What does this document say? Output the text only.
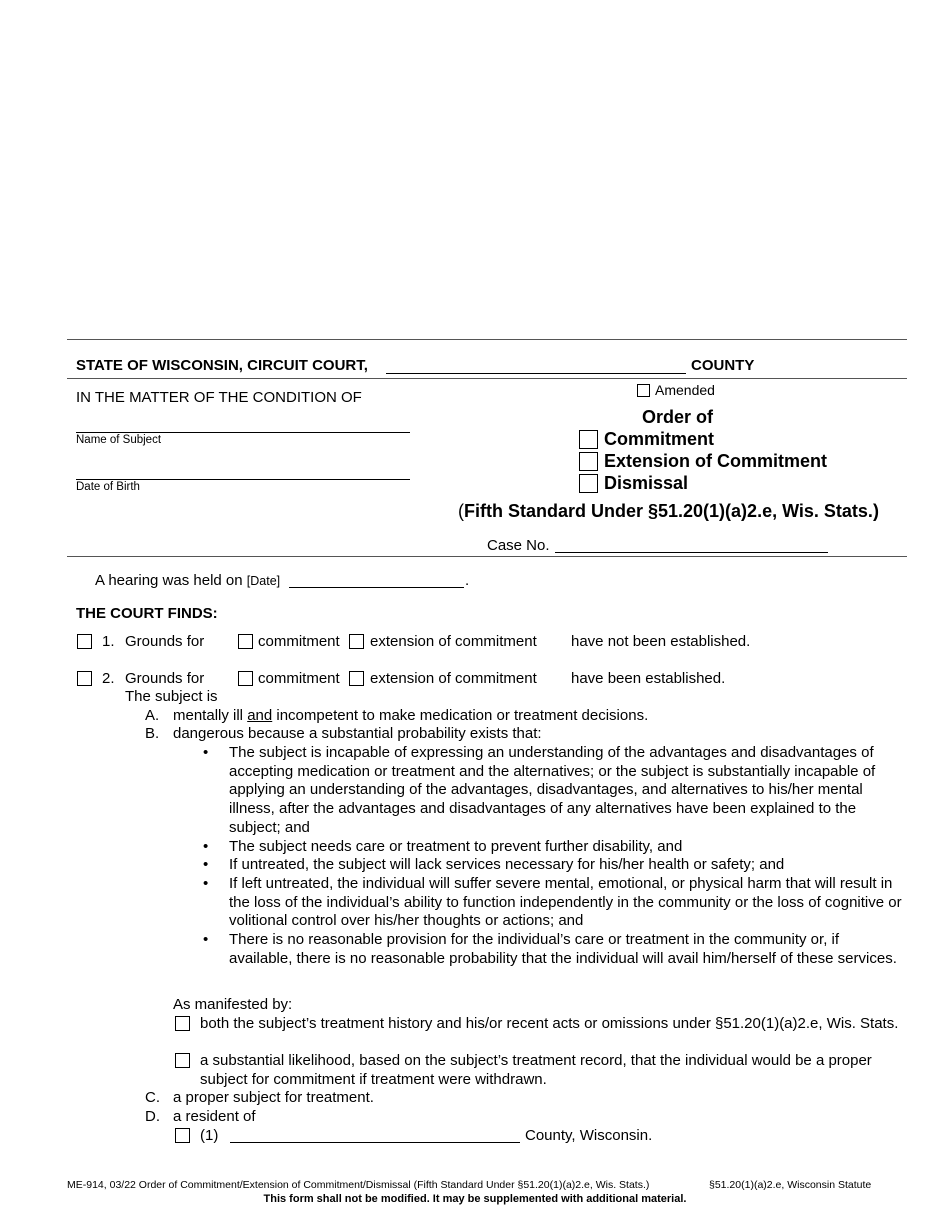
STATE OF WISCONSIN, CIRCUIT COURT,	COUNTY
IN THE MATTER OF THE CONDITION OF
Name of Subject
Date of Birth
Amended
Order of
Commitment
Extension of Commitment
Dismissal
(Fifth Standard Under §51.20(1)(a)2.e, Wis. Stats.)
Case No.
A hearing was held on [Date]	.
THE COURT FINDS:
1. Grounds for	commitment extension of commitment have not been established.
2. Grounds for	commitment extension of commitment have been established.
The subject is
A. mentally ill and incompetent to make medication or treatment decisions.
B. dangerous because a substantial probability exists that:
• The subject is incapable of expressing an understanding of the advantages and disadvantages of accepting medication or treatment and the alternatives; or the subject is substantially incapable of applying an understanding of the advantages, disadvantages, and alternatives to his/her mental illness, after the advantages and disadvantages of any alternatives have been explained to the subject; and
• The subject needs care or treatment to prevent further disability, and
• If untreated, the subject will lack services necessary for his/her health or safety; and
• If left untreated, the individual will suffer severe mental, emotional, or physical harm that will result in the loss of the individual’s ability to function independently in the community or the loss of cognitive or volitional control over his/her thoughts or actions; and
• There is no reasonable provision for the individual’s care or treatment in the community or, if available, there is no reasonable probability that the individual will avail him/herself of these services.
As manifested by:
both the subject’s treatment history and his/or recent acts or omissions under §51.20(1)(a)2.e, Wis. Stats.
a substantial likelihood, based on the subject’s treatment record, that the individual would be a proper subject for commitment if treatment were withdrawn.
C. a proper subject for treatment.
D. a resident of
(1)	County, Wisconsin.
ME-914, 03/22 Order of Commitment/Extension of Commitment/Dismissal (Fifth Standard Under §51.20(1)(a)2.e, Wis. Stats.)	§51.20(1)(a)2.e, Wisconsin Statute
This form shall not be modified. It may be supplemented with additional material.
